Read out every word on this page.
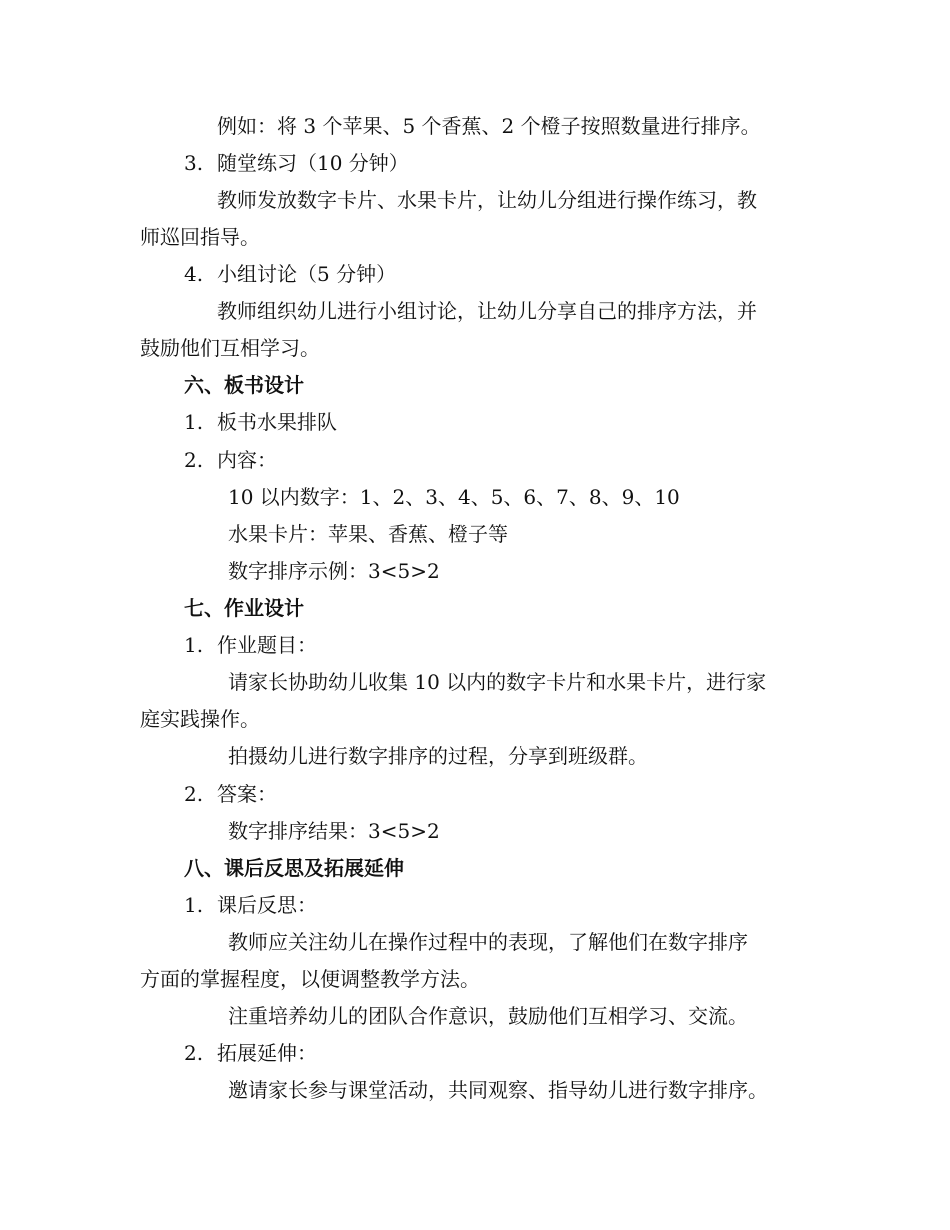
例如：将 3 个苹果、5 个香蕉、2 个橙子按照数量进行排序。
3. 随堂练习（10 分钟）
教师发放数字卡片、水果卡片，让幼儿分组进行操作练习，教
师巡回指导。
4. 小组讨论（5 分钟）
教师组织幼儿进行小组讨论，让幼儿分享自己的排序方法，并
鼓励他们互相学习。
六、板书设计
1. 板书水果排队
2. 内容：
10 以内数字：1、2、3、4、5、6、7、8、9、10
水果卡片：苹果、香蕉、橙子等
数字排序示例：3<5>2
七、作业设计
1. 作业题目：
请家长协助幼儿收集 10 以内的数字卡片和水果卡片，进行家
庭实践操作。
拍摄幼儿进行数字排序的过程，分享到班级群。
2. 答案：
数字排序结果：3<5>2
八、课后反思及拓展延伸
1. 课后反思：
教师应关注幼儿在操作过程中的表现，了解他们在数字排序
方面的掌握程度，以便调整教学方法。
注重培养幼儿的团队合作意识，鼓励他们互相学习、交流。
2. 拓展延伸：
邀请家长参与课堂活动，共同观察、指导幼儿进行数字排序。
